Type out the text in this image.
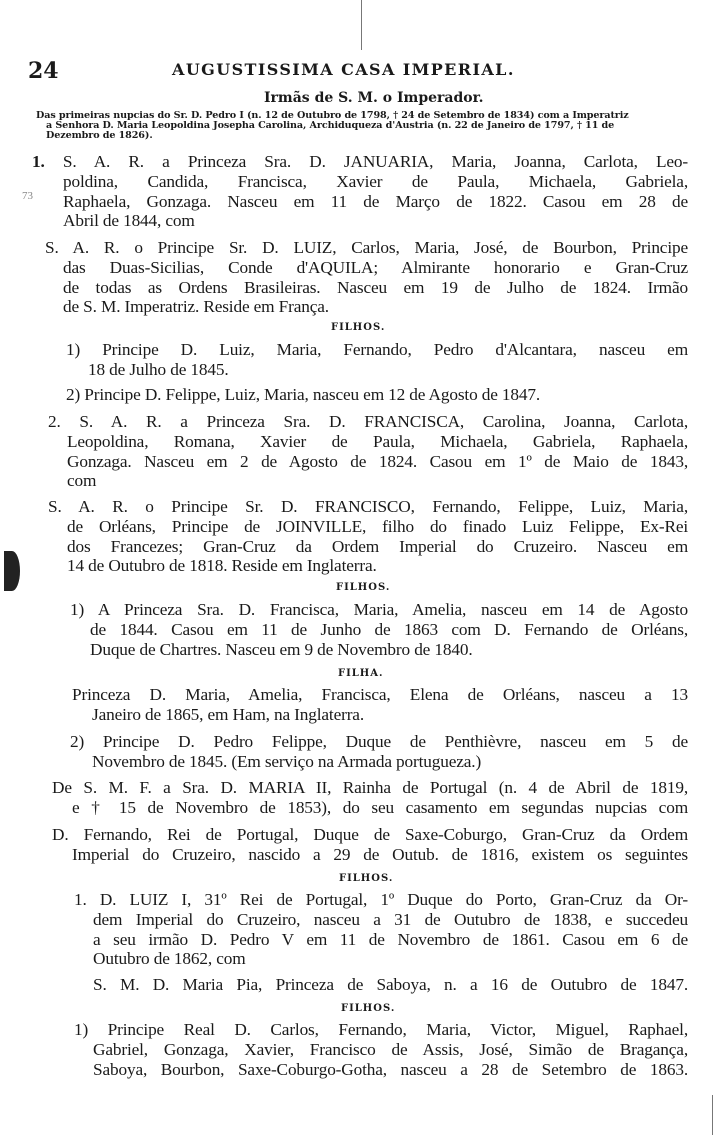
24	AUGUSTISSIMA CASA IMPERIAL.
Irmãs de S. M. o Imperador.
Das primeiras nupcias do Sr. D. Pedro I (n. 12 de Outubro de 1798, † 24 de Setembro de 1834) com a Imperatriz
a Senhora D. Maria Leopoldina Josepha Carolina, Archiduqueza d'Austria (n. 22 de Janeiro de 1797, † 11 de
Dezembro de 1826).
73
1. S. A. R. a Princeza Sra. D. JANUARIA, Maria, Joanna, Carlota, Leo-
poldina, Candida, Francisca, Xavier de Paula, Michaela, Gabriela,
Raphaela, Gonzaga. Nasceu em 11 de Março de 1822. Casou em 28 de
Abril de 1844, com
S. A. R. o Principe Sr. D. LUIZ, Carlos, Maria, José, de Bourbon, Principe
das Duas-Sicilias, Conde d'AQUILA; Almirante honorario e Gran-Cruz
de todas as Ordens Brasileiras. Nasceu em 19 de Julho de 1824. Irmão
de S. M. Imperatriz. Reside em França.
FILHOS.
1) Principe D. Luiz, Maria, Fernando, Pedro d'Alcantara, nasceu em
18 de Julho de 1845.
2) Principe D. Felippe, Luiz, Maria, nasceu em 12 de Agosto de 1847.
2. S. A. R. a Princeza Sra. D. FRANCISCA, Carolina, Joanna, Carlota,
Leopoldina, Romana, Xavier de Paula, Michaela, Gabriela, Raphaela,
Gonzaga. Nasceu em 2 de Agosto de 1824. Casou em 1º de Maio de 1843,
com
S. A. R. o Principe Sr. D. FRANCISCO, Fernando, Felippe, Luiz, Maria,
de Orléans, Principe de JOINVILLE, filho do finado Luiz Felippe, Ex-Rei
dos Francezes; Gran-Cruz da Ordem Imperial do Cruzeiro. Nasceu em
14 de Outubro de 1818. Reside em Inglaterra.
FILHOS.
1) A Princeza Sra. D. Francisca, Maria, Amelia, nasceu em 14 de Agosto
de 1844. Casou em 11 de Junho de 1863 com D. Fernando de Orléans,
Duque de Chartres. Nasceu em 9 de Novembro de 1840.
FILHA.
Princeza D. Maria, Amelia, Francisca, Elena de Orléans, nasceu a 13
Janeiro de 1865, em Ham, na Inglaterra.
2) Principe D. Pedro Felippe, Duque de Penthièvre, nasceu em 5 de
Novembro de 1845. (Em serviço na Armada portugueza.)
De S. M. F. a Sra. D. MARIA II, Rainha de Portugal (n. 4 de Abril de 1819,
e † 15 de Novembro de 1853), do seu casamento em segundas nupcias com
D. Fernando, Rei de Portugal, Duque de Saxe-Coburgo, Gran-Cruz da Ordem
Imperial do Cruzeiro, nascido a 29 de Outub. de 1816, existem os seguintes
FILHOS.
1. D. LUIZ I, 31º Rei de Portugal, 1º Duque do Porto, Gran-Cruz da Or-
dem Imperial do Cruzeiro, nasceu a 31 de Outubro de 1838, e succedeu
a seu irmão D. Pedro V em 11 de Novembro de 1861. Casou em 6 de
Outubro de 1862, com
S. M. D. Maria Pia, Princeza de Saboya, n. a 16 de Outubro de 1847.
FILHOS.
1) Principe Real D. Carlos, Fernando, Maria, Victor, Miguel, Raphael,
Gabriel, Gonzaga, Xavier, Francisco de Assis, José, Simão de Bragança,
Saboya, Bourbon, Saxe-Coburgo-Gotha, nasceu a 28 de Setembro de 1863.
